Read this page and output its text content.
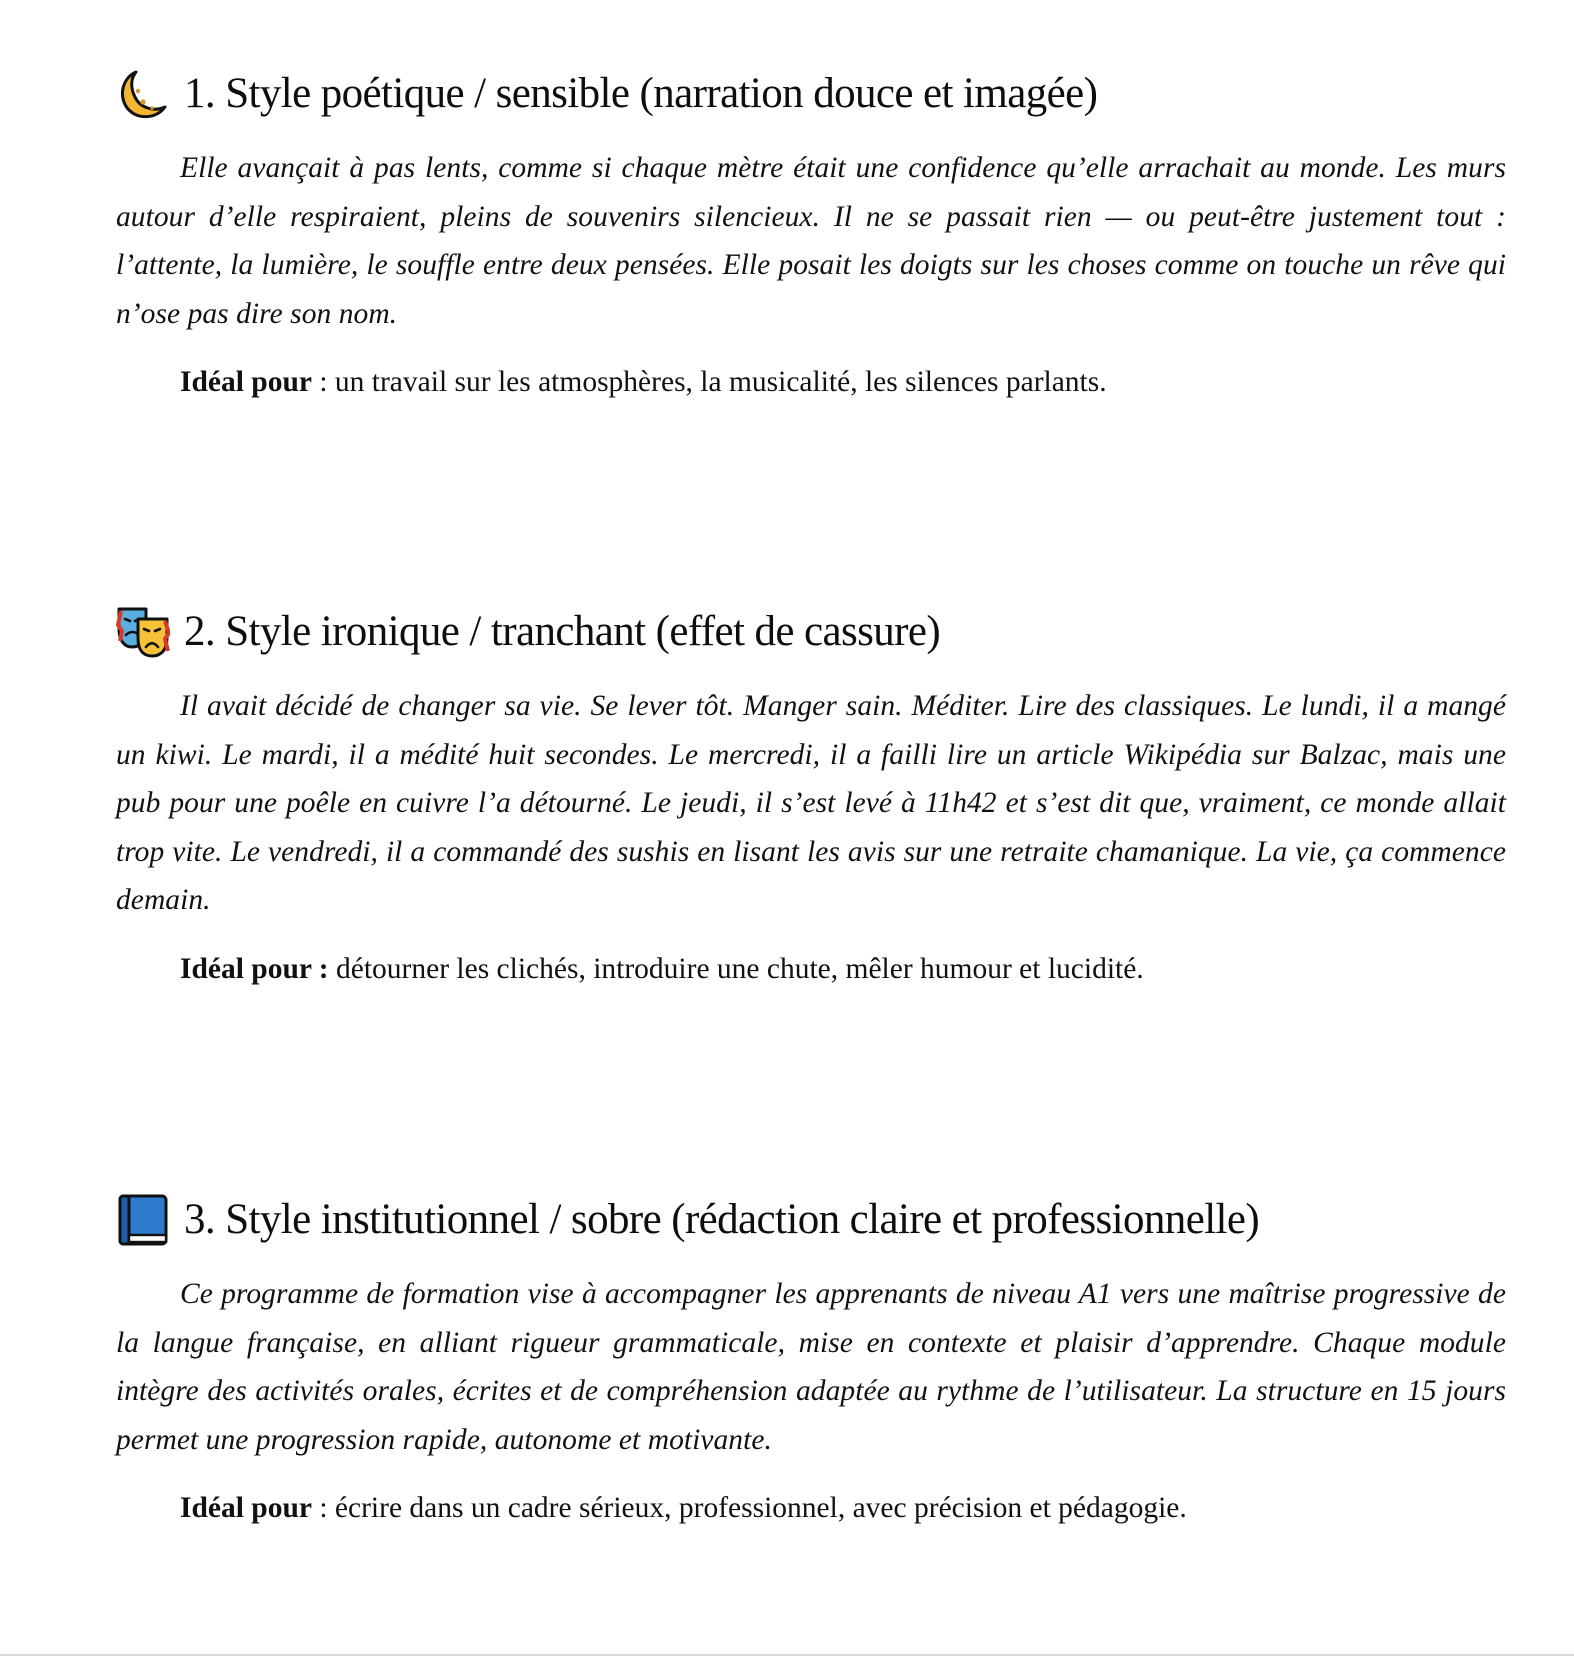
1. Style poétique / sensible (narration douce et imagée)

Elle avançait à pas lents, comme si chaque mètre était une confidence qu’elle arrachait au monde. Les murs autour d’elle respiraient, pleins de souvenirs silencieux. Il ne se passait rien — ou peut-être justement tout : l’attente, la lumière, le souffle entre deux pensées. Elle posait les doigts sur les choses comme on touche un rêve qui n’ose pas dire son nom.

Idéal pour : un travail sur les atmosphères, la musicalité, les silences parlants.

2. Style ironique / tranchant (effet de cassure)

Il avait décidé de changer sa vie. Se lever tôt. Manger sain. Méditer. Lire des classiques. Le lundi, il a mangé un kiwi. Le mardi, il a médité huit secondes. Le mercredi, il a failli lire un article Wikipédia sur Balzac, mais une pub pour une poêle en cuivre l’a détourné. Le jeudi, il s’est levé à 11h42 et s’est dit que, vraiment, ce monde allait trop vite. Le vendredi, il a commandé des sushis en lisant les avis sur une retraite chamanique. La vie, ça commence demain.

Idéal pour : détourner les clichés, introduire une chute, mêler humour et lucidité.

3. Style institutionnel / sobre (rédaction claire et professionnelle)

Ce programme de formation vise à accompagner les apprenants de niveau A1 vers une maîtrise progressive de la langue française, en alliant rigueur grammaticale, mise en contexte et plaisir d’apprendre. Chaque module intègre des activités orales, écrites et de compréhension adaptée au rythme de l’utilisateur. La structure en 15 jours permet une progression rapide, autonome et motivante.

Idéal pour : écrire dans un cadre sérieux, professionnel, avec précision et pédagogie.
